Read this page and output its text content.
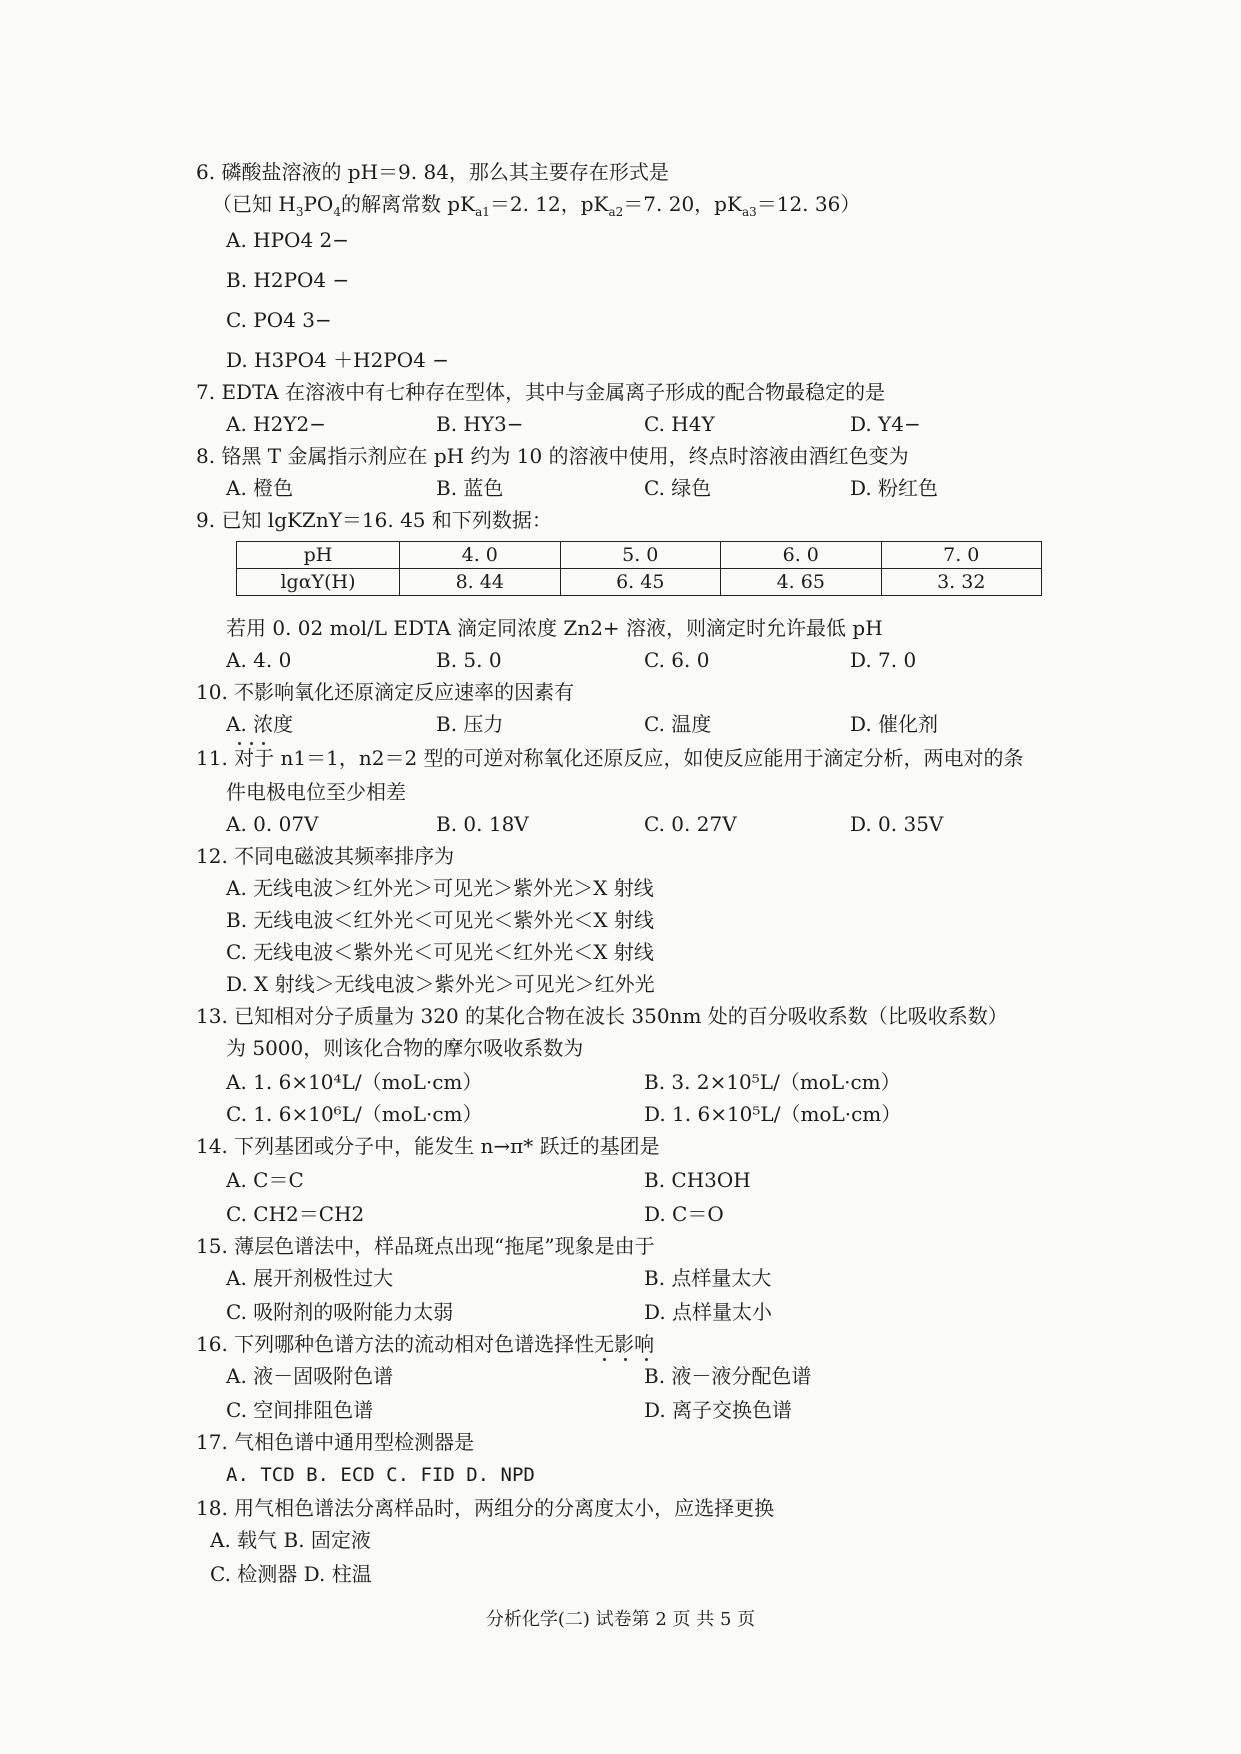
6. 磷酸盐溶液的 pH＝9. 84，那么其主要存在形式是
（已知 $H_3PO_4$的解离常数 $pK_{a1}=2$. 12，$pK_{a2}=7$. 20，$pK_{a3}=12$. 36）
A. HPO4 2−
B. H2PO4 −
C. PO4 3−
D. H3PO4 ＋H2PO4 −
7. EDTA 在溶液中有七种存在型体，其中与金属离子形成的配合物最稳定的是
A. H2Y2−	B. HY3−	C. H4Y	D. Y4−
8. 铬黑 T 金属指示剂应在 pH 约为 10 的溶液中使用，终点时溶液由酒红色变为
A. 橙色	B. 蓝色	C. 绿色	D. 粉红色
9. 已知 lgKZnY＝16. 45 和下列数据：
pH	4. 0	5. 0	6. 0	7. 0
lgαY(H)	8. 44	6. 45	4. 65	3. 32
若用 0. 02 mol/L EDTA 滴定同浓度 Zn2+ 溶液，则滴定时允许最低 pH
A. 4. 0	B. 5. 0	C. 6. 0	D. 7. 0
10. 不影响氧化还原滴定反应速率的因素有
A. 浓度	B. 压力	C. 温度	D. 催化剂
11. 对于 n1＝1，n2＝2 型的可逆对称氧化还原反应，如使反应能用于滴定分析，两电对的条
件电极电位至少相差
A. 0. 07V	B. 0. 18V	C. 0. 27V	D. 0. 35V
12. 不同电磁波其频率排序为
A. 无线电波＞红外光＞可见光＞紫外光＞X 射线
B. 无线电波＜红外光＜可见光＜紫外光＜X 射线
C. 无线电波＜紫外光＜可见光＜红外光＜X 射线
D. X 射线＞无线电波＞紫外光＞可见光＞红外光
13. 已知相对分子质量为 320 的某化合物在波长 350nm 处的百分吸收系数（比吸收系数）
为 5000，则该化合物的摩尔吸收系数为
A. 1. 6×10⁴L/（moL·cm）	B. 3. 2×10⁵L/（moL·cm）
C. 1. 6×10⁶L/（moL·cm）	D. 1. 6×10⁵L/（moL·cm）
14. 下列基团或分子中，能发生 n→π* 跃迁的基团是
A. C＝C	B. CH3OH
C. CH2＝CH2	D. C＝O
15. 薄层色谱法中，样品斑点出现“拖尾”现象是由于
A. 展开剂极性过大	B. 点样量太大
C. 吸附剂的吸附能力太弱	D. 点样量太小
16. 下列哪种色谱方法的流动相对色谱选择性无影响
A. 液－固吸附色谱	B. 液－液分配色谱
C. 空间排阻色谱	D. 离子交换色谱
17. 气相色谱中通用型检测器是
A. TCD B. ECD C. FID D. NPD
18. 用气相色谱法分离样品时，两组分的分离度太小，应选择更换
A. 载气 B. 固定液
C. 检测器 D. 柱温
分析化学(二) 试卷第 2 页 共 5 页
